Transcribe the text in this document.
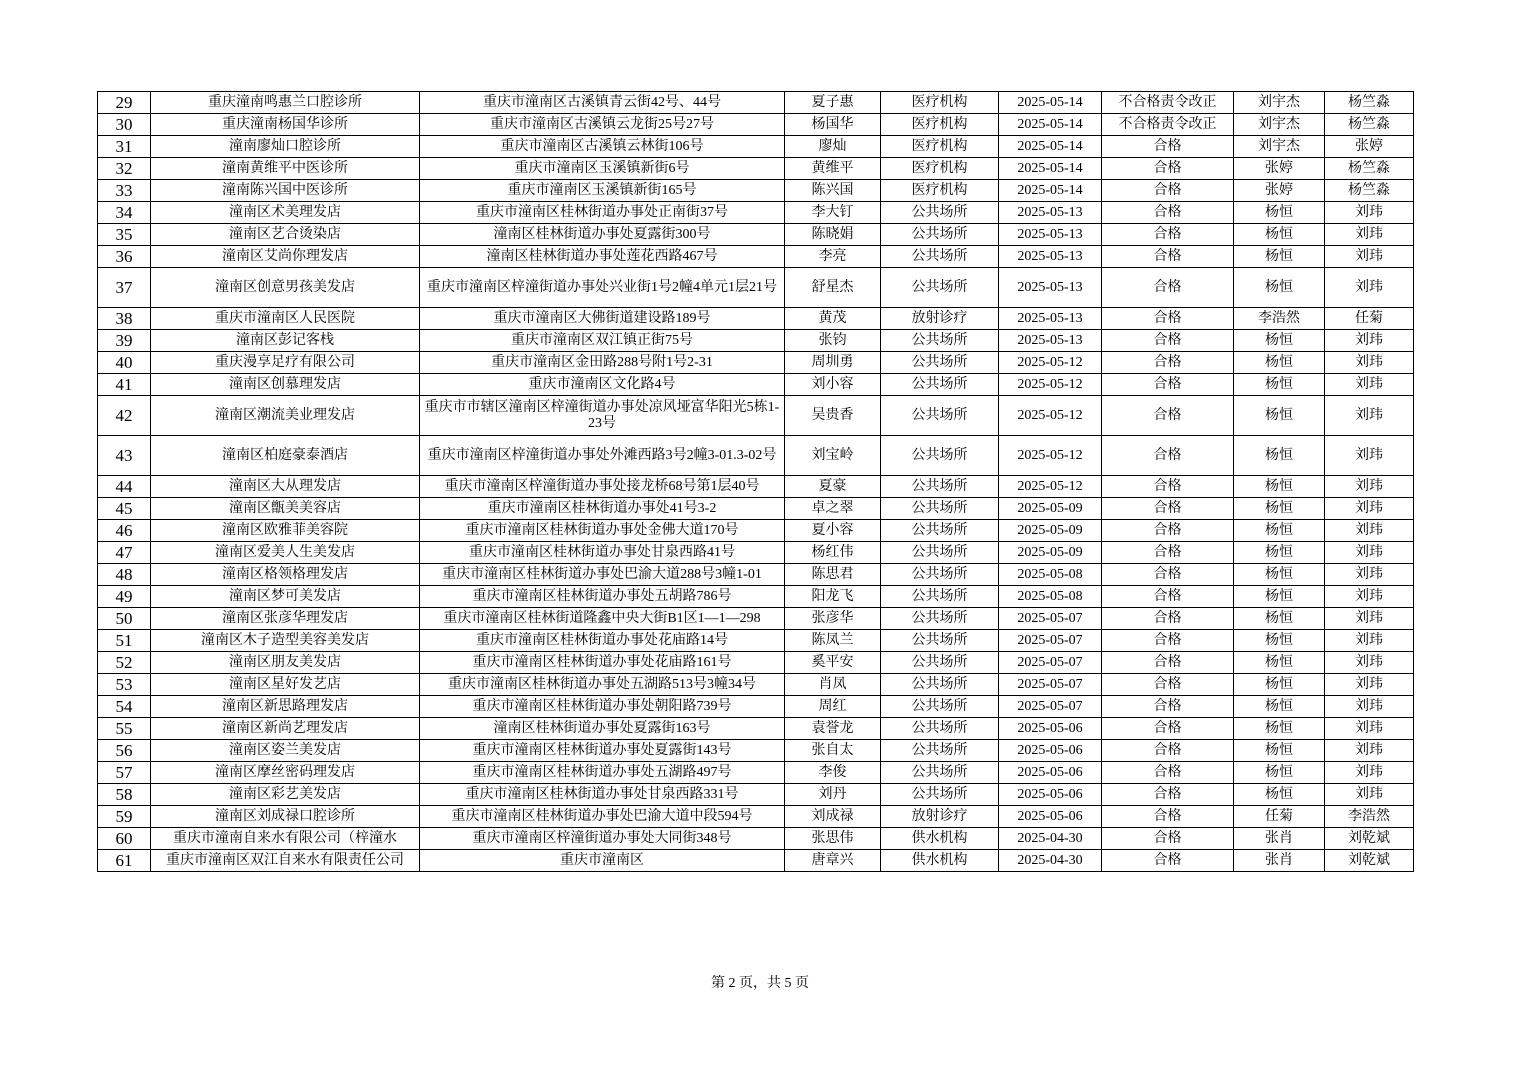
29	重庆潼南鸣惠兰口腔诊所	重庆市潼南区古溪镇青云街42号、44号	夏子惠	医疗机构	2025-05-14	不合格责令改正	刘宇杰	杨竺淼
30	重庆潼南杨国华诊所	重庆市潼南区古溪镇云龙街25号27号	杨国华	医疗机构	2025-05-14	不合格责令改正	刘宇杰	杨竺淼
31	潼南廖灿口腔诊所	重庆市潼南区古溪镇云林街106号	廖灿	医疗机构	2025-05-14	合格	刘宇杰	张婷
32	潼南黄维平中医诊所	重庆市潼南区玉溪镇新街6号	黄维平	医疗机构	2025-05-14	合格	张婷	杨竺淼
33	潼南陈兴国中医诊所	重庆市潼南区玉溪镇新街165号	陈兴国	医疗机构	2025-05-14	合格	张婷	杨竺淼
34	潼南区术美理发店	重庆市潼南区桂林街道办事处正南街37号	李大钉	公共场所	2025-05-13	合格	杨恒	刘玮
35	潼南区艺合烫染店	潼南区桂林街道办事处夏露街300号	陈晓娟	公共场所	2025-05-13	合格	杨恒	刘玮
36	潼南区艾尚你理发店	潼南区桂林街道办事处莲花西路467号	李亮	公共场所	2025-05-13	合格	杨恒	刘玮
37	潼南区创意男孩美发店	重庆市潼南区梓潼街道办事处兴业街1号2幢4单元1层21号	舒星杰	公共场所	2025-05-13	合格	杨恒	刘玮
38	重庆市潼南区人民医院	重庆市潼南区大佛街道建设路189号	黄茂	放射诊疗	2025-05-13	合格	李浩然	任菊
39	潼南区彭记客栈	重庆市潼南区双江镇正街75号	张钧	公共场所	2025-05-13	合格	杨恒	刘玮
40	重庆漫享足疗有限公司	重庆市潼南区金田路288号附1号2-31	周圳勇	公共场所	2025-05-12	合格	杨恒	刘玮
41	潼南区创慕理发店	重庆市潼南区文化路4号	刘小容	公共场所	2025-05-12	合格	杨恒	刘玮
42	潼南区潮流美业理发店	重庆市市辖区潼南区梓潼街道办事处凉风垭富华阳光5栋1-23号	吴贵香	公共场所	2025-05-12	合格	杨恒	刘玮
43	潼南区柏庭豪泰酒店	重庆市潼南区梓潼街道办事处外滩西路3号2幢3-01.3-02号	刘宝岭	公共场所	2025-05-12	合格	杨恒	刘玮
44	潼南区大从理发店	重庆市潼南区梓潼街道办事处接龙桥68号第1层40号	夏豪	公共场所	2025-05-12	合格	杨恒	刘玮
45	潼南区甑美美容店	重庆市潼南区桂林街道办事处41号3-2	卓之翠	公共场所	2025-05-09	合格	杨恒	刘玮
46	潼南区欧雅菲美容院	重庆市潼南区桂林街道办事处金佛大道170号	夏小容	公共场所	2025-05-09	合格	杨恒	刘玮
47	潼南区爱美人生美发店	重庆市潼南区桂林街道办事处甘泉西路41号	杨红伟	公共场所	2025-05-09	合格	杨恒	刘玮
48	潼南区格领格理发店	重庆市潼南区桂林街道办事处巴渝大道288号3幢1-01	陈思君	公共场所	2025-05-08	合格	杨恒	刘玮
49	潼南区梦可美发店	重庆市潼南区桂林街道办事处五胡路786号	阳龙飞	公共场所	2025-05-08	合格	杨恒	刘玮
50	潼南区张彦华理发店	重庆市潼南区桂林街道隆鑫中央大街B1区1—1—298	张彦华	公共场所	2025-05-07	合格	杨恒	刘玮
51	潼南区木子造型美容美发店	重庆市潼南区桂林街道办事处花庙路14号	陈凤兰	公共场所	2025-05-07	合格	杨恒	刘玮
52	潼南区朋友美发店	重庆市潼南区桂林街道办事处花庙路161号	奚平安	公共场所	2025-05-07	合格	杨恒	刘玮
53	潼南区星好发艺店	重庆市潼南区桂林街道办事处五湖路513号3幢34号	肖凤	公共场所	2025-05-07	合格	杨恒	刘玮
54	潼南区新思路理发店	重庆市潼南区桂林街道办事处朝阳路739号	周红	公共场所	2025-05-07	合格	杨恒	刘玮
55	潼南区新尚艺理发店	潼南区桂林街道办事处夏露街163号	袁誉龙	公共场所	2025-05-06	合格	杨恒	刘玮
56	潼南区姿兰美发店	重庆市潼南区桂林街道办事处夏露街143号	张自太	公共场所	2025-05-06	合格	杨恒	刘玮
57	潼南区摩丝密码理发店	重庆市潼南区桂林街道办事处五湖路497号	李俊	公共场所	2025-05-06	合格	杨恒	刘玮
58	潼南区彩艺美发店	重庆市潼南区桂林街道办事处甘泉西路331号	刘丹	公共场所	2025-05-06	合格	杨恒	刘玮
59	潼南区刘成禄口腔诊所	重庆市潼南区桂林街道办事处巴渝大道中段594号	刘成禄	放射诊疗	2025-05-06	合格	任菊	李浩然
60	重庆市潼南自来水有限公司（梓潼水	重庆市潼南区梓潼街道办事处大同街348号	张思伟	供水机构	2025-04-30	合格	张肖	刘乾斌
61	重庆市潼南区双江自来水有限责任公司	重庆市潼南区	唐章兴	供水机构	2025-04-30	合格	张肖	刘乾斌
第 2 页，共 5 页
